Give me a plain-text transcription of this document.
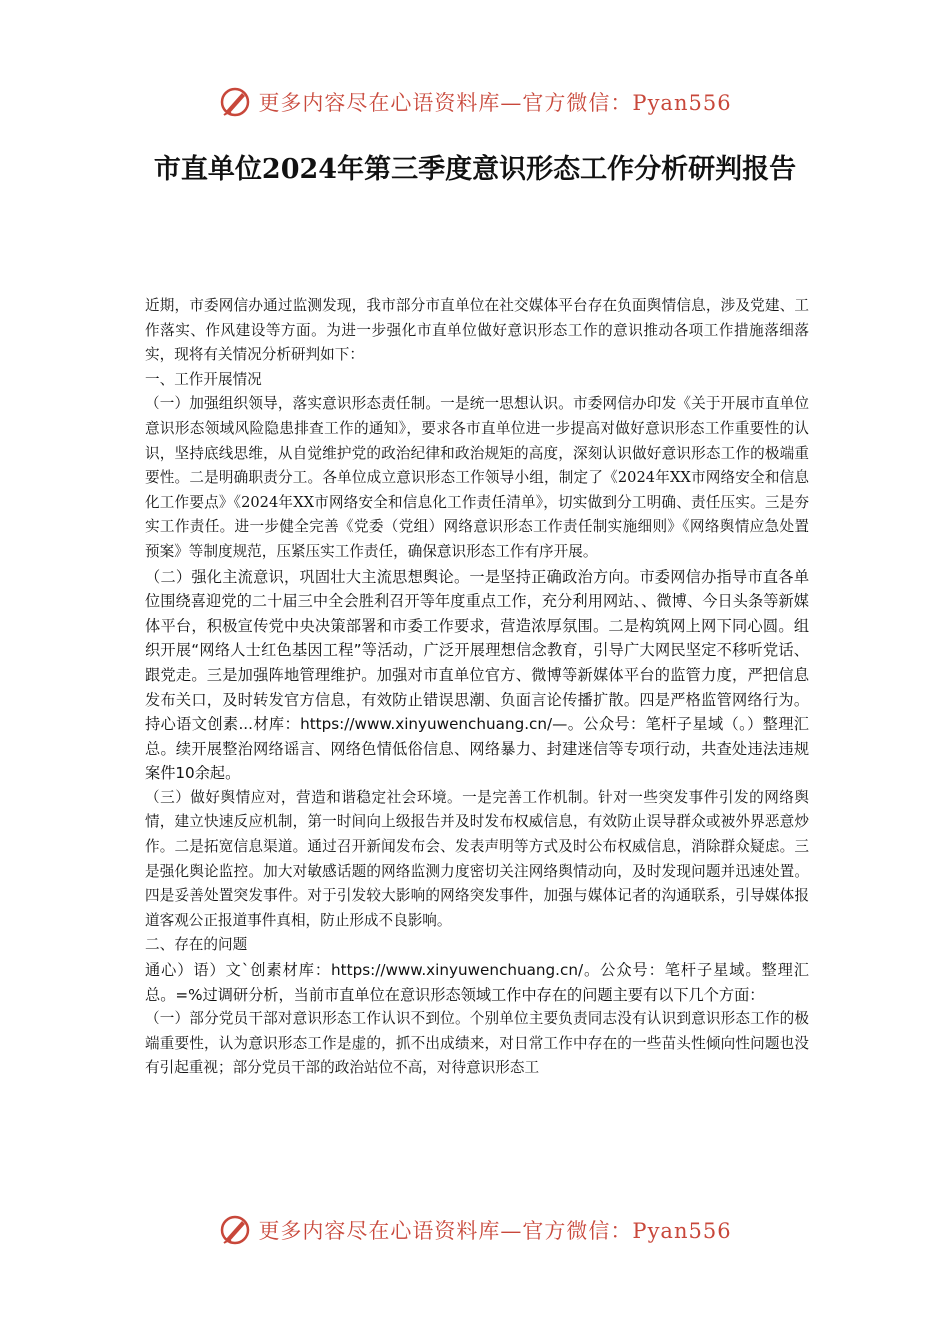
更多内容尽在心语资料库—官方微信：Pyan556
市直单位2024年第三季度意识形态工作分析研判报告

近期，市委网信办通过监测发现，我市部分市直单位在社交媒体平台存在负面舆情信息，涉及党建、工作落实、作风建设等方面。为进一步强化市直单位做好意识形态工作的意识推动各项工作措施落细落实，现将有关情况分析研判如下：

一、工作开展情况

（一）加强组织领导，落实意识形态责任制。一是统一思想认识。市委网信办印发《关于开展市直单位意识形态领域风险隐患排查工作的通知》，要求各市直单位进一步提高对做好意识形态工作重要性的认识，坚持底线思维，从自觉维护党的政治纪律和政治规矩的高度，深刻认识做好意识形态工作的极端重要性。二是明确职责分工。各单位成立意识形态工作领导小组，制定了《2024年XX市网络安全和信息化工作要点》《2024年XX市网络安全和信息化工作责任清单》，切实做到分工明确、责任压实。三是夯实工作责任。进一步健全完善《党委（党组）网络意识形态工作责任制实施细则》《网络舆情应急处置预案》等制度规范，压紧压实工作责任，确保意识形态工作有序开展。

（二）强化主流意识，巩固壮大主流思想舆论。一是坚持正确政治方向。市委网信办指导市直各单位围绕喜迎党的二十届三中全会胜利召开等年度重点工作，充分利用网站、、微博、今日头条等新媒体平台，积极宣传党中央决策部署和市委工作要求，营造浓厚氛围。二是构筑网上网下同心圆。组织开展“网络人士红色基因工程”等活动，广泛开展理想信念教育，引导广大网民坚定不移听党话、跟党走。三是加强阵地管理维护。加强对市直单位官方、微博等新媒体平台的监管力度，严把信息发布关口，及时转发官方信息，有效防止错误思潮、负面言论传播扩散。四是严格监管网络行为。持心语文创素...材库：https://www.xinyuwenchuang.cn/—。公众号：笔杆子星域（。）整理汇总。续开展整治网络谣言、网络色情低俗信息、网络暴力、封建迷信等专项行动，共查处违法违规案件10余起。

（三）做好舆情应对，营造和谐稳定社会环境。一是完善工作机制。针对一些突发事件引发的网络舆情，建立快速反应机制，第一时间向上级报告并及时发布权威信息，有效防止误导群众或被外界恶意炒作。二是拓宽信息渠道。通过召开新闻发布会、发表声明等方式及时公布权威信息，消除群众疑虑。三是强化舆论监控。加大对敏感话题的网络监测力度密切关注网络舆情动向，及时发现问题并迅速处置。四是妥善处置突发事件。对于引发较大影响的网络突发事件，加强与媒体记者的沟通联系，引导媒体报道客观公正报道事件真相，防止形成不良影响。

二、存在的问题

通心）语）文`创素材库：https://www.xinyuwenchuang.cn/。公众号：笔杆子星域。整理汇总。=%过调研分析，当前市直单位在意识形态领域工作中存在的问题主要有以下几个方面：

（一）部分党员干部对意识形态工作认识不到位。个别单位主要负责同志没有认识到意识形态工作的极端重要性，认为意识形态工作是虚的，抓不出成绩来，对日常工作中存在的一些苗头性倾向性问题也没有引起重视；部分党员干部的政治站位不高，对待意识形态工

更多内容尽在心语资料库—官方微信：Pyan556
